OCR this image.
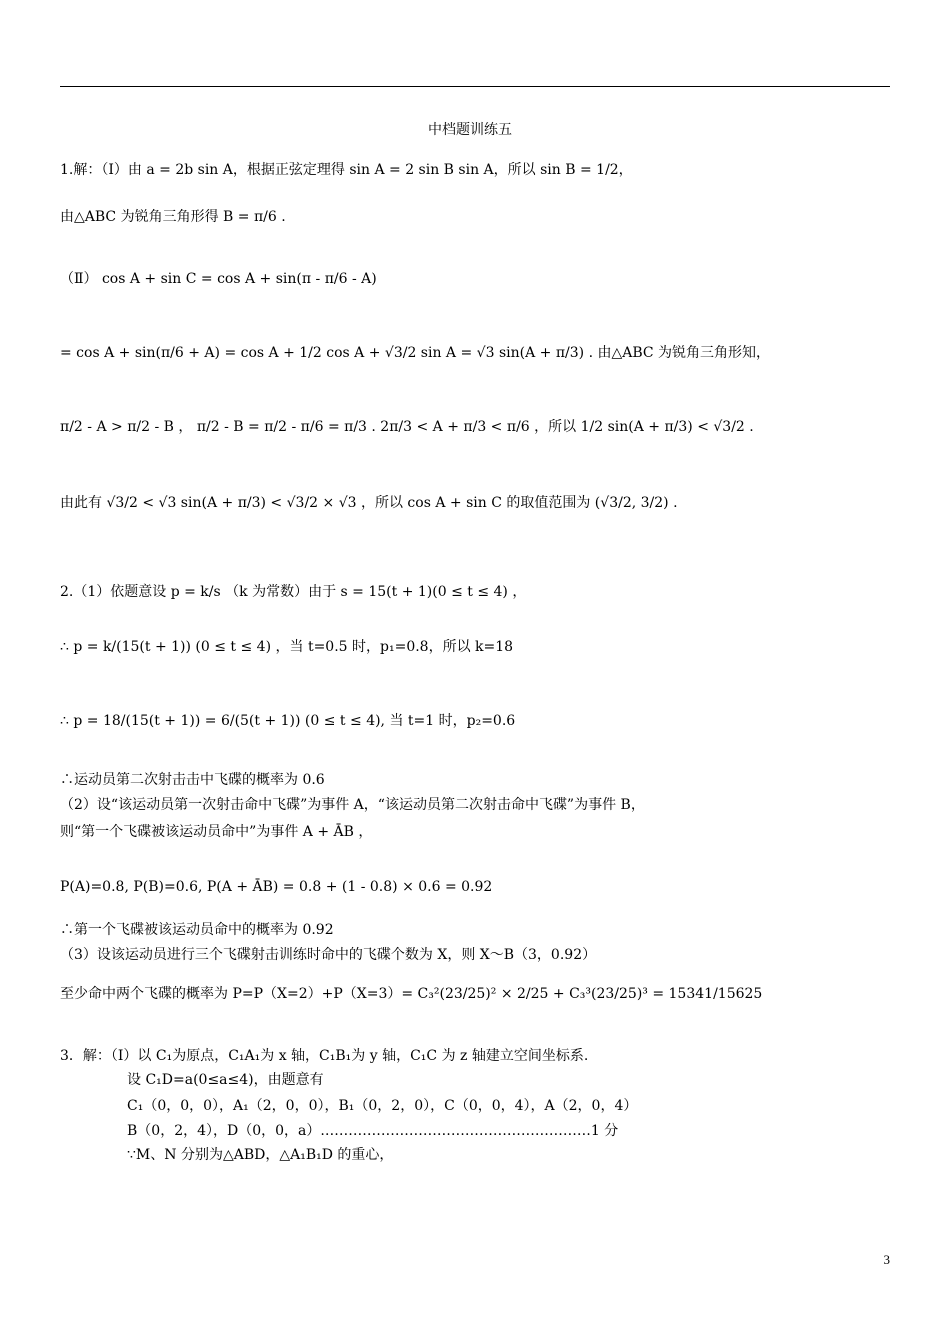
中档题训练五
1.解：（Ⅰ）由 a = 2b sin A，根据正弦定理得 sin A = 2 sin B sin A，所以 sin B = 1/2，
由△ABC 为锐角三角形得 B = π/6 .
（Ⅱ） cos A + sin C = cos A + sin(π - π/6 - A)
= cos A + sin(π/6 + A) = cos A + 1/2 cos A + √3/2 sin A = √3 sin(A + π/3) . 由△ABC 为锐角三角形知，
π/2 - A > π/2 - B ， π/2 - B = π/2 - π/6 = π/3 . 2π/3 < A + π/3 < π/6 ，所以 1/2 sin(A + π/3) < √3/2 .
由此有 √3/2 < √3 sin(A + π/3) < √3/2 × √3 ，所以 cos A + sin C 的取值范围为 (√3/2, 3/2) .
2.（1）依题意设 p = k/s （k 为常数）由于 s = 15(t + 1)(0 ≤ t ≤ 4) ，
∴ p = k/(15(t + 1)) (0 ≤ t ≤ 4) ，当 t=0.5 时，p₁=0.8，所以 k=18
∴ p = 18/(15(t + 1)) = 6/(5(t + 1)) (0 ≤ t ≤ 4), 当 t=1 时，p₂=0.6
∴运动员第二次射击击中飞碟的概率为 0.6
（2）设“该运动员第一次射击命中飞碟”为事件 A，“该运动员第二次射击命中飞碟”为事件 B，
则“第一个飞碟被该运动员命中”为事件 A + ĀB ，
P(A)=0.8, P(B)=0.6, P(A + ĀB) = 0.8 + (1 - 0.8) × 0.6 = 0.92
∴第一个飞碟被该运动员命中的概率为 0.92
（3）设该运动员进行三个飞碟射击训练时命中的飞碟个数为 X，则 X～B（3，0.92）
至少命中两个飞碟的概率为 P=P（X=2）+P（X=3）= C₃²(23/25)² × 2/25 + C₃³(23/25)³ = 15341/15625
3．解：（Ⅰ）以 C₁为原点，C₁A₁为 x 轴，C₁B₁为 y 轴，C₁C 为 z 轴建立空间坐标系.
设 C₁D=a(0≤a≤4)，由题意有
C₁（0，0，0），A₁（2，0，0），B₁（0，2，0），C（0，0，4），A（2，0，4）
B（0，2，4），D（0，0，a）.…………………………………………………1 分
∵M、N 分别为△ABD，△A₁B₁D 的重心，
3
